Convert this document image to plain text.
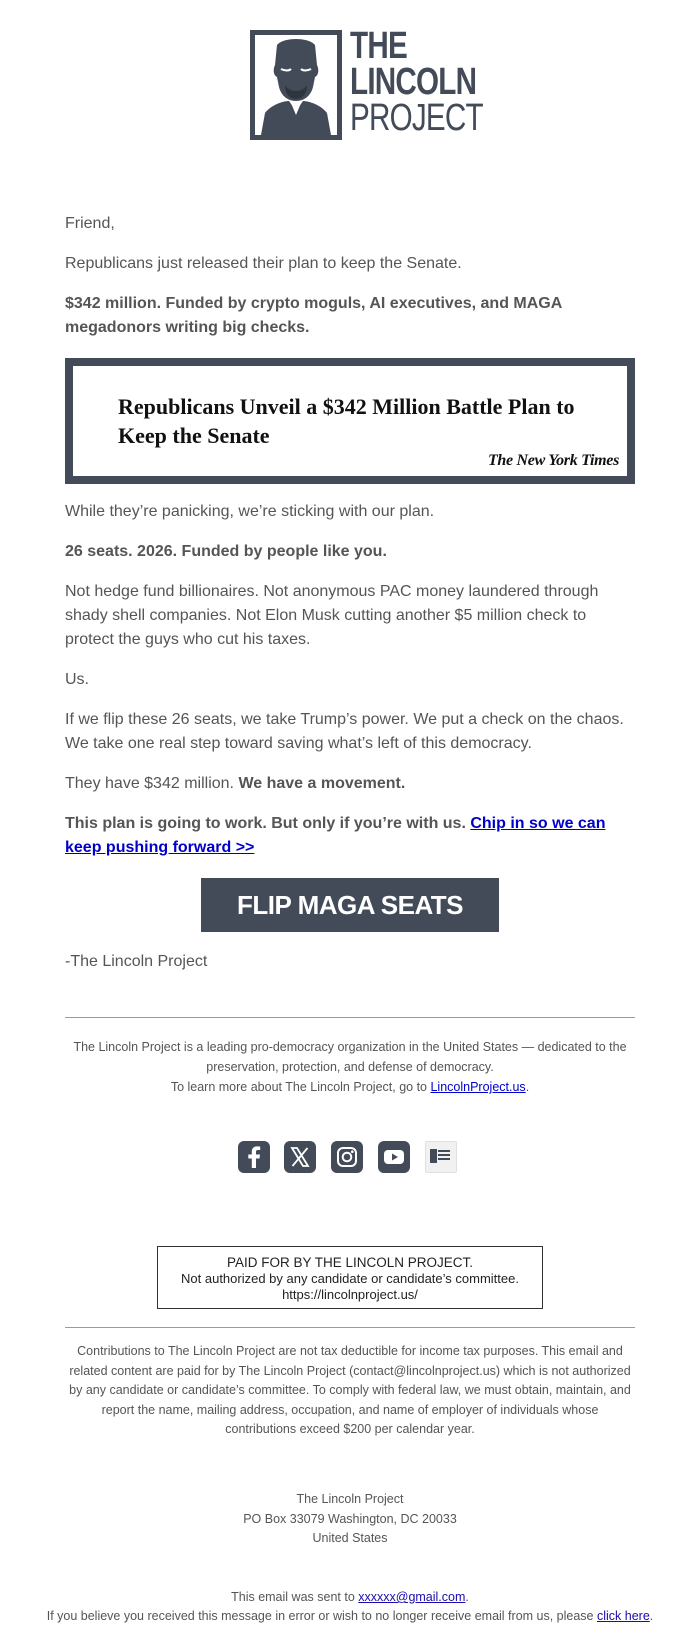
THE
LINCOLN
PROJECT
Friend,
Republicans just released their plan to keep the Senate.
$342 million. Funded by crypto moguls, AI executives, and MAGA megadonors writing big checks.
Republicans Unveil a $342 Million Battle Plan to Keep the Senate
The New York Times
While they’re panicking, we’re sticking with our plan.
26 seats. 2026. Funded by people like you.
Not hedge fund billionaires. Not anonymous PAC money laundered through shady shell companies. Not Elon Musk cutting another $5 million check to protect the guys who cut his taxes.
Us.
If we flip these 26 seats, we take Trump’s power. We put a check on the chaos. We take one real step toward saving what’s left of this democracy.
They have $342 million. We have a movement.
This plan is going to work. But only if you’re with us. Chip in so we can keep pushing forward >>
FLIP MAGA SEATS
-The Lincoln Project
The Lincoln Project is a leading pro-democracy organization in the United States — dedicated to the preservation, protection, and defense of democracy.
To learn more about The Lincoln Project, go to LincolnProject.us.
PAID FOR BY THE LINCOLN PROJECT.
Not authorized by any candidate or candidate’s committee.
https://lincolnproject.us/
Contributions to The Lincoln Project are not tax deductible for income tax purposes. This email and related content are paid for by The Lincoln Project (contact@lincolnproject.us) which is not authorized by any candidate or candidate’s committee. To comply with federal law, we must obtain, maintain, and report the name, mailing address, occupation, and name of employer of individuals whose contributions exceed $200 per calendar year.
The Lincoln Project
PO Box 33079 Washington, DC 20033
United States
This email was sent to xxxxxx@gmail.com.
If you believe you received this message in error or wish to no longer receive email from us, please click here.
